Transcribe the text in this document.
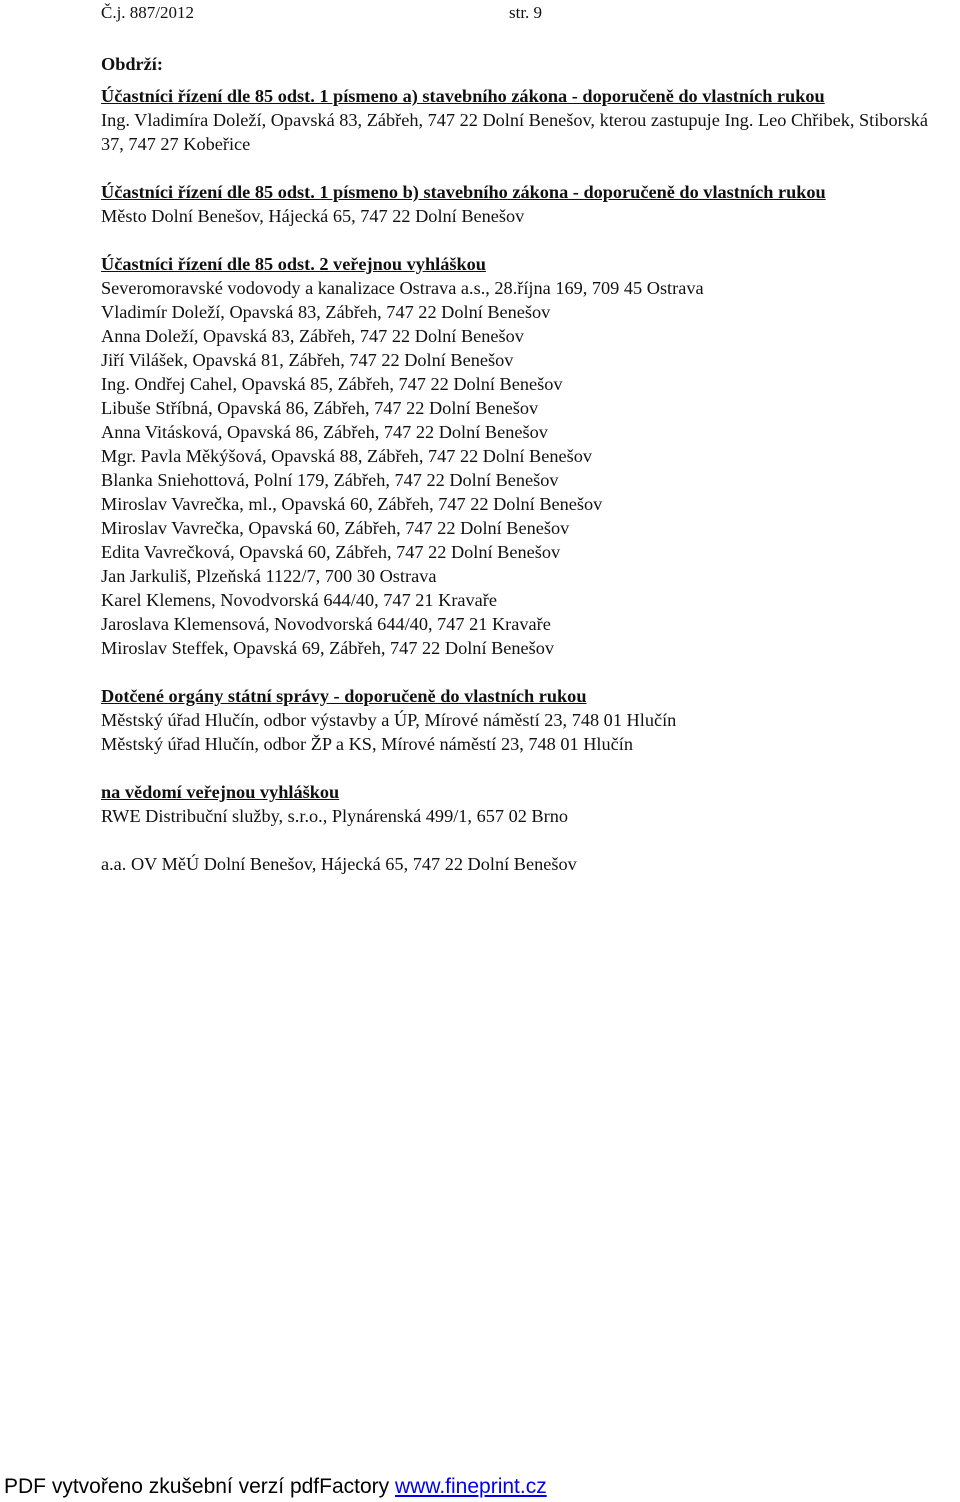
Č.j. 887/2012	str. 9
Obdrží:
Účastníci řízení dle 85 odst. 1 písmeno a) stavebního zákona - doporučeně do vlastních rukou
Ing. Vladimíra Doleží, Opavská 83, Zábřeh, 747 22 Dolní Benešov, kterou zastupuje Ing. Leo Chřibek, Stiborská 37, 747 27 Kobeřice
Účastníci řízení dle 85 odst. 1 písmeno b) stavebního zákona - doporučeně do vlastních rukou
Město Dolní Benešov, Hájecká 65, 747 22 Dolní Benešov
Účastníci řízení dle 85 odst. 2 veřejnou vyhláškou
Severomoravské vodovody a kanalizace Ostrava a.s., 28.října 169, 709 45 Ostrava
Vladimír Doleží, Opavská 83, Zábřeh, 747 22 Dolní Benešov
Anna Doleží, Opavská 83, Zábřeh, 747 22 Dolní Benešov
Jiří Vilášek, Opavská 81, Zábřeh, 747 22 Dolní Benešov
Ing. Ondřej Cahel, Opavská 85, Zábřeh, 747 22 Dolní Benešov
Libuše Stříbná, Opavská 86, Zábřeh, 747 22 Dolní Benešov
Anna Vitásková, Opavská 86, Zábřeh, 747 22 Dolní Benešov
Mgr. Pavla Měkýšová, Opavská 88, Zábřeh, 747 22 Dolní Benešov
Blanka Sniehottová, Polní 179, Zábřeh, 747 22 Dolní Benešov
Miroslav Vavrečka, ml., Opavská 60, Zábřeh, 747 22 Dolní Benešov
Miroslav Vavrečka, Opavská 60, Zábřeh, 747 22 Dolní Benešov
Edita Vavrečková, Opavská 60, Zábřeh, 747 22 Dolní Benešov
Jan Jarkuliš, Plzeňská 1122/7, 700 30 Ostrava
Karel Klemens, Novodvorská 644/40, 747 21 Kravaře
Jaroslava Klemensová, Novodvorská 644/40, 747 21 Kravaře
Miroslav Steffek, Opavská 69, Zábřeh, 747 22 Dolní Benešov
Dotčené orgány státní správy - doporučeně do vlastních rukou
Městský úřad Hlučín, odbor výstavby a ÚP, Mírové náměstí 23, 748 01 Hlučín
Městský úřad Hlučín, odbor ŽP a KS, Mírové náměstí 23, 748 01 Hlučín
na vědomí veřejnou vyhláškou
RWE Distribuční služby, s.r.o., Plynárenská 499/1, 657 02 Brno
a.a. OV MěÚ Dolní Benešov, Hájecká 65, 747 22 Dolní Benešov
PDF vytvořeno zkušební verzí pdfFactory www.fineprint.cz
